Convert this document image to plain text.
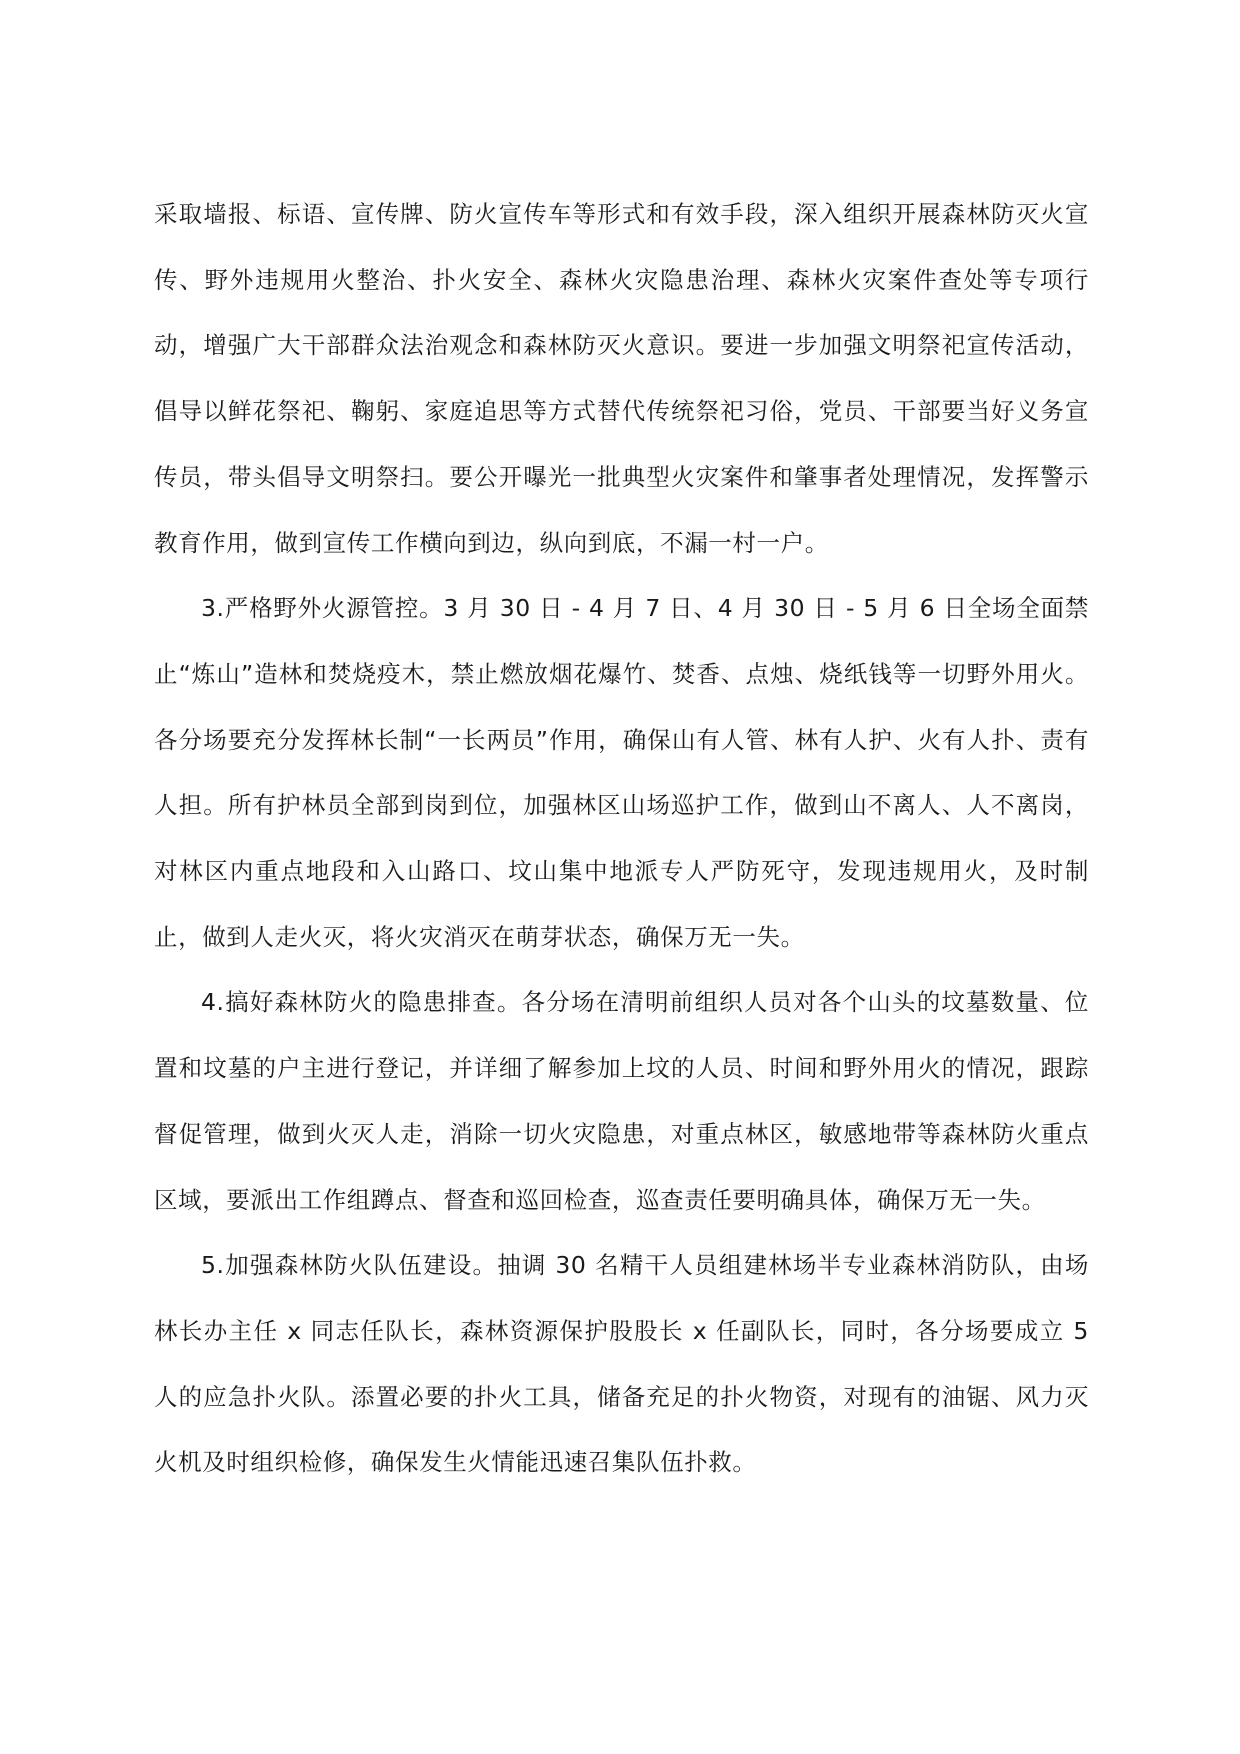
采取墙报、标语、宣传牌、防火宣传车等形式和有效手段，深入组织开展森林防灭火宣传、野外违规用火整治、扑火安全、森林火灾隐患治理、森林火灾案件查处等专项行动，增强广大干部群众法治观念和森林防灭火意识。要进一步加强文明祭祀宣传活动，倡导以鲜花祭祀、鞠躬、家庭追思等方式替代传统祭祀习俗，党员、干部要当好义务宣传员，带头倡导文明祭扫。要公开曝光一批典型火灾案件和肇事者处理情况，发挥警示教育作用，做到宣传工作横向到边，纵向到底，不漏一村一户。

3.严格野外火源管控。3 月 30 日 - 4 月 7 日、4 月 30 日 - 5 月 6 日全场全面禁止“炼山”造林和焚烧疫木，禁止燃放烟花爆竹、焚香、点烛、烧纸钱等一切野外用火。各分场要充分发挥林长制“一长两员”作用，确保山有人管、林有人护、火有人扑、责有人担。所有护林员全部到岗到位，加强林区山场巡护工作，做到山不离人、人不离岗，对林区内重点地段和入山路口、坟山集中地派专人严防死守，发现违规用火，及时制止，做到人走火灭，将火灾消灭在萌芽状态，确保万无一失。

4.搞好森林防火的隐患排查。各分场在清明前组织人员对各个山头的坟墓数量、位置和坟墓的户主进行登记，并详细了解参加上坟的人员、时间和野外用火的情况，跟踪督促管理，做到火灭人走，消除一切火灾隐患，对重点林区，敏感地带等森林防火重点区域，要派出工作组蹲点、督查和巡回检查，巡查责任要明确具体，确保万无一失。

5.加强森林防火队伍建设。抽调 30 名精干人员组建林场半专业森林消防队，由场林长办主任 x 同志任队长，森林资源保护股股长 x 任副队长，同时，各分场要成立 5 人的应急扑火队。添置必要的扑火工具，储备充足的扑火物资，对现有的油锯、风力灭火机及时组织检修，确保发生火情能迅速召集队伍扑救。
